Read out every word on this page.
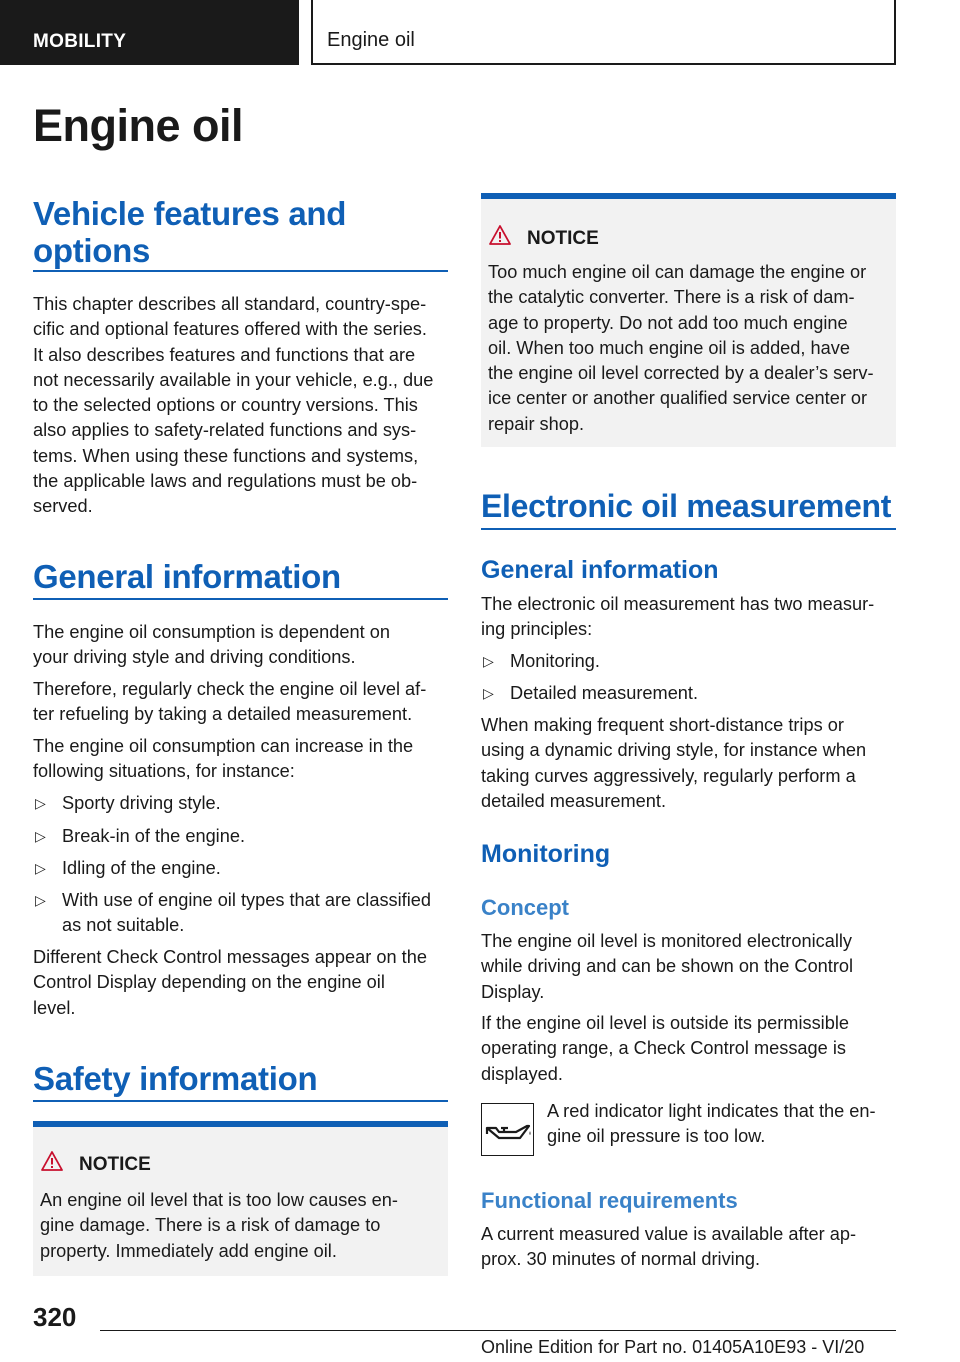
MOBILITY	Engine oil
Engine oil
Vehicle features and
options
This chapter describes all standard, country-spe-
cific and optional features offered with the series.
It also describes features and functions that are
not necessarily available in your vehicle, e.g., due
to the selected options or country versions. This
also applies to safety-related functions and sys-
tems. When using these functions and systems,
the applicable laws and regulations must be ob-
served.
General information
The engine oil consumption is dependent on
your driving style and driving conditions.
Therefore, regularly check the engine oil level af-
ter refueling by taking a detailed measurement.
The engine oil consumption can increase in the
following situations, for instance:
▷ Sporty driving style.
▷ Break-in of the engine.
▷ Idling of the engine.
▷ With use of engine oil types that are classified
as not suitable.
Different Check Control messages appear on the
Control Display depending on the engine oil
level.
Safety information
NOTICE
An engine oil level that is too low causes en-
gine damage. There is a risk of damage to
property. Immediately add engine oil.
NOTICE
Too much engine oil can damage the engine or
the catalytic converter. There is a risk of dam-
age to property. Do not add too much engine
oil. When too much engine oil is added, have
the engine oil level corrected by a dealer’s serv-
ice center or another qualified service center or
repair shop.
Electronic oil measurement
General information
The electronic oil measurement has two measur-
ing principles:
▷ Monitoring.
▷ Detailed measurement.
When making frequent short-distance trips or
using a dynamic driving style, for instance when
taking curves aggressively, regularly perform a
detailed measurement.
Monitoring
Concept
The engine oil level is monitored electronically
while driving and can be shown on the Control
Display.
If the engine oil level is outside its permissible
operating range, a Check Control message is
displayed.
A red indicator light indicates that the en-
gine oil pressure is too low.
Functional requirements
A current measured value is available after ap-
prox. 30 minutes of normal driving.
320
Online Edition for Part no. 01405A10E93 - VI/20
